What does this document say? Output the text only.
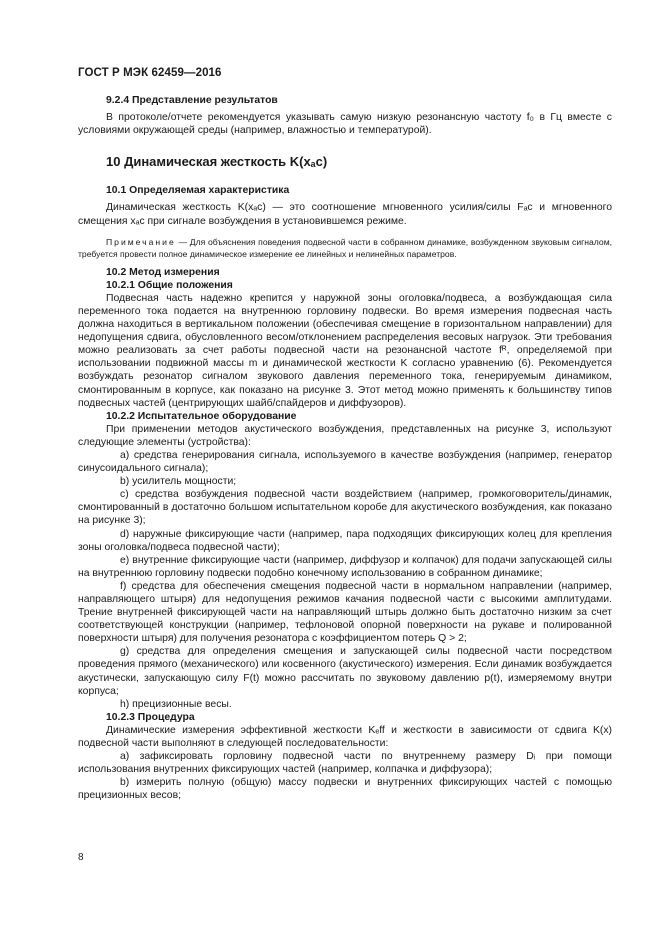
ГОСТ Р МЭК 62459—2016

9.2.4 Представление результатов

В протоколе/отчете рекомендуется указывать самую низкую резонансную частоту f₀ в Гц вместе с условиями окружающей среды (например, влажностью и температурой).

10 Динамическая жесткость K(xₐᴄ)

10.1 Определяемая характеристика

Динамическая жесткость K(xₐᴄ) — это соотношение мгновенного усилия/силы Fₐᴄ и мгновенного смещения xₐᴄ при сигнале возбуждения в установившемся режиме.

Примечание — Для объяснения поведения подвесной части в собранном динамике, возбужденном звуковым сигналом, требуется провести полное динамическое измерение ее линейных и нелинейных параметров.

10.2 Метод измерения

10.2.1 Общие положения

Подвесная часть надежно крепится у наружной зоны оголовка/подвеса, а возбуждающая сила переменного тока подается на внутреннюю горловину подвески. Во время измерения подвесная часть должна находиться в вертикальном положении (обеспечивая смещение в горизонтальном направлении) для недопущения сдвига, обусловленного весом/отклонением распределения весовых нагрузок. Эти требования можно реализовать за счет работы подвесной части на резонансной частоте fᴿ, определяемой при использовании подвижной массы m и динамической жесткости K согласно уравнению (6). Рекомендуется возбуждать резонатор сигналом звукового давления переменного тока, генерируемым динамиком, смонтированным в корпусе, как показано на рисунке 3. Этот метод можно применять к большинству типов подвесных частей (центрирующих шайб/спайдеров и диффузоров).

10.2.2 Испытательное оборудование

При применении методов акустического возбуждения, представленных на рисунке 3, используют следующие элементы (устройства):

а) средства генерирования сигнала, используемого в качестве возбуждения (например, генератор синусоидального сигнала);

b) усилитель мощности;

с) средства возбуждения подвесной части воздействием (например, громкоговоритель/динамик, смонтированный в достаточно большом испытательном коробе для акустического возбуждения, как показано на рисунке 3);

d) наружные фиксирующие части (например, пара подходящих фиксирующих колец для крепления зоны оголовка/подвеса подвесной части);

е) внутренние фиксирующие части (например, диффузор и колпачок) для подачи запускающей силы на внутреннюю горловину подвески подобно конечному использованию в собранном динамике;

f) средства для обеспечения смещения подвесной части в нормальном направлении (например, направляющего штыря) для недопущения режимов качания подвесной части с высокими амплитудами. Трение внутренней фиксирующей части на направляющий штырь должно быть достаточно низким за счет соответствующей конструкции (например, тефлоновой опорной поверхности на рукаве и полированной поверхности штыря) для получения резонатора с коэффициентом потерь Q > 2;

g) средства для определения смещения и запускающей силы подвесной части посредством проведения прямого (механического) или косвенного (акустического) измерения. Если динамик возбуждается акустически, запускающую силу F(t) можно рассчитать по звуковому давлению p(t), измеряемому внутри корпуса;

h) прецизионные весы.

10.2.3 Процедура

Динамические измерения эффективной жесткости Kₑff и жесткости в зависимости от сдвига K(x) подвесной части выполняют в следующей последовательности:

а) зафиксировать горловину подвесной части по внутреннему размеру Dᵢ при помощи использования внутренних фиксирующих частей (например, колпачка и диффузора);

b) измерить полную (общую) массу подвески и внутренних фиксирующих частей с помощью прецизионных весов;

8
